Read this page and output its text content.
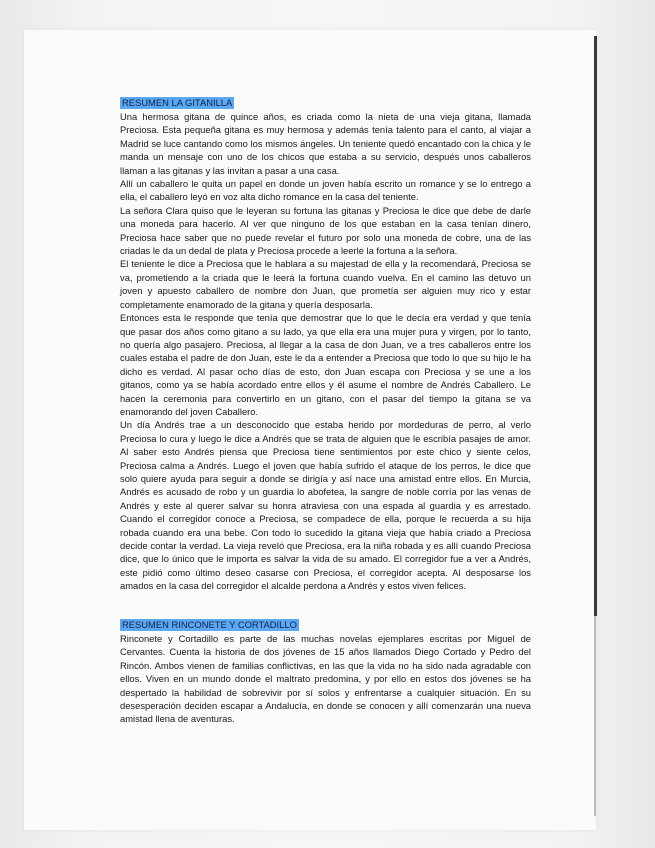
RESUMEN LA GITANILLA

Una hermosa gitana de quince años, es criada como la nieta de una vieja gitana, llamada Preciosa. Esta pequeña gitana es muy hermosa y además tenía talento para el canto, al viajar a Madrid se luce cantando como los mismos ángeles. Un teniente quedó encantado con la chica y le manda un mensaje con uno de los chicos que estaba a su servicio, después unos caballeros llaman a las gitanas y las invitan a pasar a una casa.

Allí un caballero le quita un papel en donde un joven había escrito un romance y se lo entrego a ella, el caballero leyó en voz alta dicho romance en la casa del teniente.

La señora Clara quiso que le leyeran su fortuna las gitanas y Preciosa le dice que debe de darle una moneda para hacerlo. Al ver que ninguno de los que estaban en la casa tenían dinero, Preciosa hace saber que no puede revelar el futuro por solo una moneda de cobre, una de las criadas le da un dedal de plata y Preciosa procede a leerle la fortuna a la señora.

El teniente le dice a Preciosa que le hablara a su majestad de ella y la recomendará, Preciosa se va, prometiendo a la criada que le leerá la fortuna cuando vuelva. En el camino las detuvo un joven y apuesto caballero de nombre don Juan, que prometía ser alguien muy rico y estar completamente enamorado de la gitana y quería desposarla.

Entonces esta le responde que tenía que demostrar que lo que le decía era verdad y que tenía que pasar dos años como gitano a su lado, ya que ella era una mujer pura y virgen, por lo tanto, no quería algo pasajero. Preciosa, al llegar a la casa de don Juan, ve a tres caballeros entre los cuales estaba el padre de don Juan, este le da a entender a Preciosa que todo lo que su hijo le ha dicho es verdad. Al pasar ocho días de esto, don Juan escapa con Preciosa y se une a los gitanos, como ya se había acordado entre ellos y él asume el nombre de Andrés Caballero. Le hacen la ceremonia para convertirlo en un gitano, con el pasar del tiempo la gitana se va enamorando del joven Caballero.

Un día Andrés trae a un desconocido que estaba herido por mordeduras de perro, al verlo Preciosa lo cura y luego le dice a Andrés que se trata de alguien que le escribía pasajes de amor. Al saber esto Andrés piensa que Preciosa tiene sentimientos por este chico y siente celos, Preciosa calma a Andrés. Luego el joven que había sufrido el ataque de los perros, le dice que solo quiere ayuda para seguir a donde se dirigía y así nace una amistad entre ellos. En Murcia, Andrés es acusado de robo y un guardia lo abofetea, la sangre de noble corría por las venas de Andrés y este al querer salvar su honra atraviesa con una espada al guardia y es arrestado. Cuando el corregidor conoce a Preciosa, se compadece de ella, porque le recuerda a su hija robada cuando era una bebe. Con todo lo sucedido la gitana vieja que había criado a Preciosa decide contar la verdad. La vieja reveló que Preciosa, era la niña robada y es allí cuando Preciosa dice, que lo único que le importa es salvar la vida de su amado. El corregidor fue a ver a Andrés, este pidió como último deseo casarse con Preciosa, el corregidor acepta. Al desposarse los amados en la casa del corregidor el alcalde perdona a Andrés y estos viven felices.

RESUMEN RINCONETE Y CORTADILLO

Rinconete y Cortadillo es parte de las muchas novelas ejemplares escritas por Miguel de Cervantes. Cuenta la historia de dos jóvenes de 15 años llamados Diego Cortado y Pedro del Rincón. Ambos vienen de familias conflictivas, en las que la vida no ha sido nada agradable con ellos. Viven en un mundo donde el maltrato predomina, y por ello en estos dos jóvenes se ha despertado la habilidad de sobrevivir por sí solos y enfrentarse a cualquier situación. En su desesperación deciden escapar a Andalucía, en donde se conocen y allí comenzarán una nueva amistad llena de aventuras.
